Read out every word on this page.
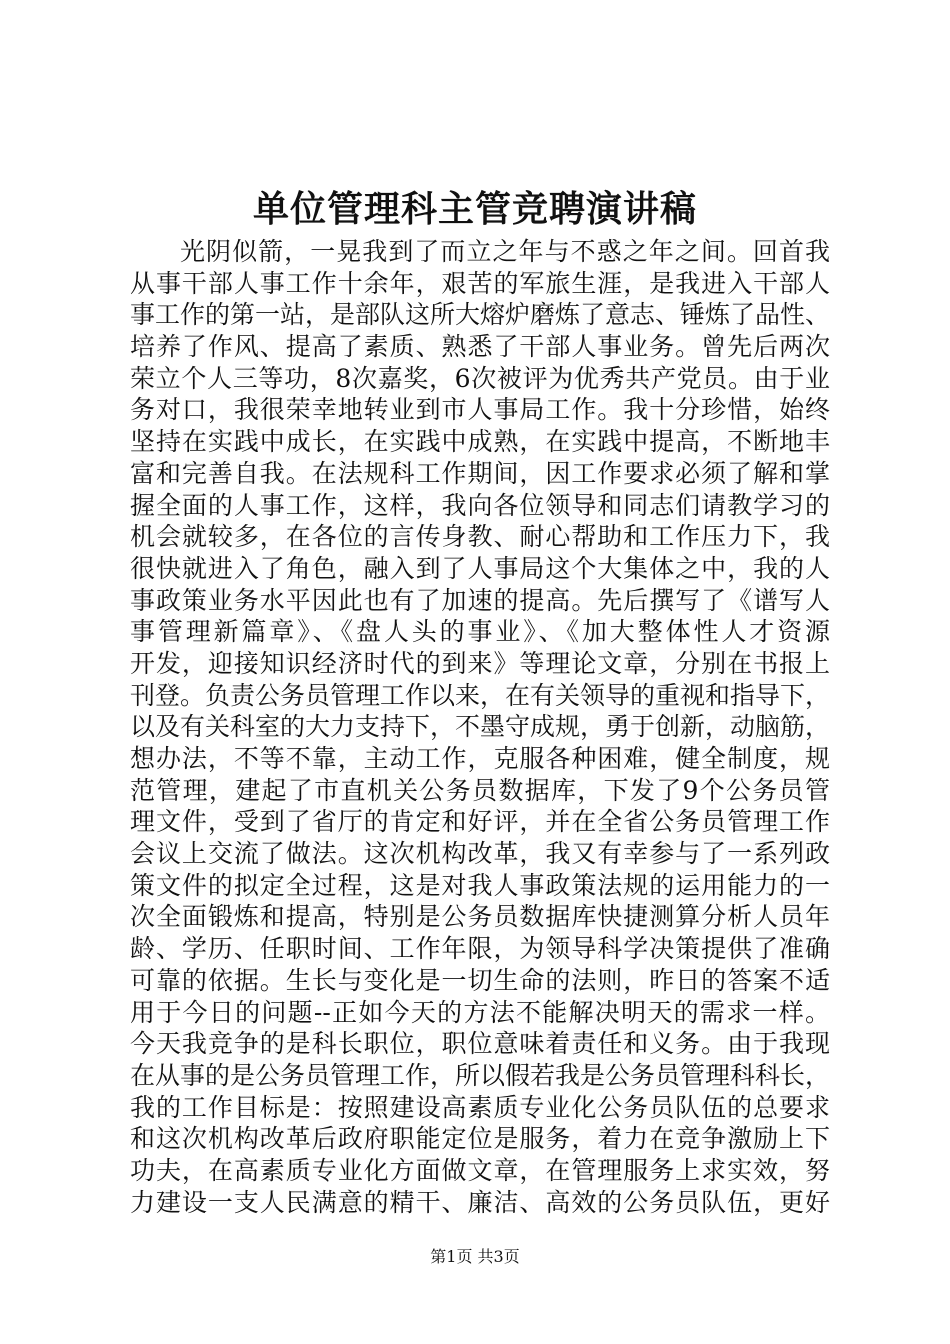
单位管理科主管竞聘演讲稿
光阴似箭，一晃我到了而立之年与不惑之年之间。回首我
从事干部人事工作十余年，艰苦的军旅生涯，是我进入干部人
事工作的第一站，是部队这所大熔炉磨炼了意志、锤炼了品性、
培养了作风、提高了素质、熟悉了干部人事业务。曾先后两次
荣立个人三等功，8次嘉奖，6次被评为优秀共产党员。由于业
务对口，我很荣幸地转业到市人事局工作。我十分珍惜，始终
坚持在实践中成长，在实践中成熟，在实践中提高，不断地丰
富和完善自我。在法规科工作期间，因工作要求必须了解和掌
握全面的人事工作，这样，我向各位领导和同志们请教学习的
机会就较多，在各位的言传身教、耐心帮助和工作压力下，我
很快就进入了角色，融入到了人事局这个大集体之中，我的人
事政策业务水平因此也有了加速的提高。先后撰写了《谱写人
事管理新篇章》、《盘人头的事业》、《加大整体性人才资源
开发，迎接知识经济时代的到来》等理论文章，分别在书报上
刊登。负责公务员管理工作以来，在有关领导的重视和指导下，
以及有关科室的大力支持下，不墨守成规，勇于创新，动脑筋，
想办法，不等不靠，主动工作，克服各种困难，健全制度，规
范管理，建起了市直机关公务员数据库，下发了9个公务员管
理文件，受到了省厅的肯定和好评，并在全省公务员管理工作
会议上交流了做法。这次机构改革，我又有幸参与了一系列政
策文件的拟定全过程，这是对我人事政策法规的运用能力的一
次全面锻炼和提高，特别是公务员数据库快捷测算分析人员年
龄、学历、任职时间、工作年限，为领导科学决策提供了准确
可靠的依据。生长与变化是一切生命的法则，昨日的答案不适
用于今日的问题--正如今天的方法不能解决明天的需求一样。
今天我竞争的是科长职位，职位意味着责任和义务。由于我现
在从事的是公务员管理工作，所以假若我是公务员管理科科长，
我的工作目标是：按照建设高素质专业化公务员队伍的总要求
和这次机构改革后政府职能定位是服务，着力在竞争激励上下
功夫，在高素质专业化方面做文章，在管理服务上求实效，努
力建设一支人民满意的精干、廉洁、高效的公务员队伍，更好
第1页 共3页
